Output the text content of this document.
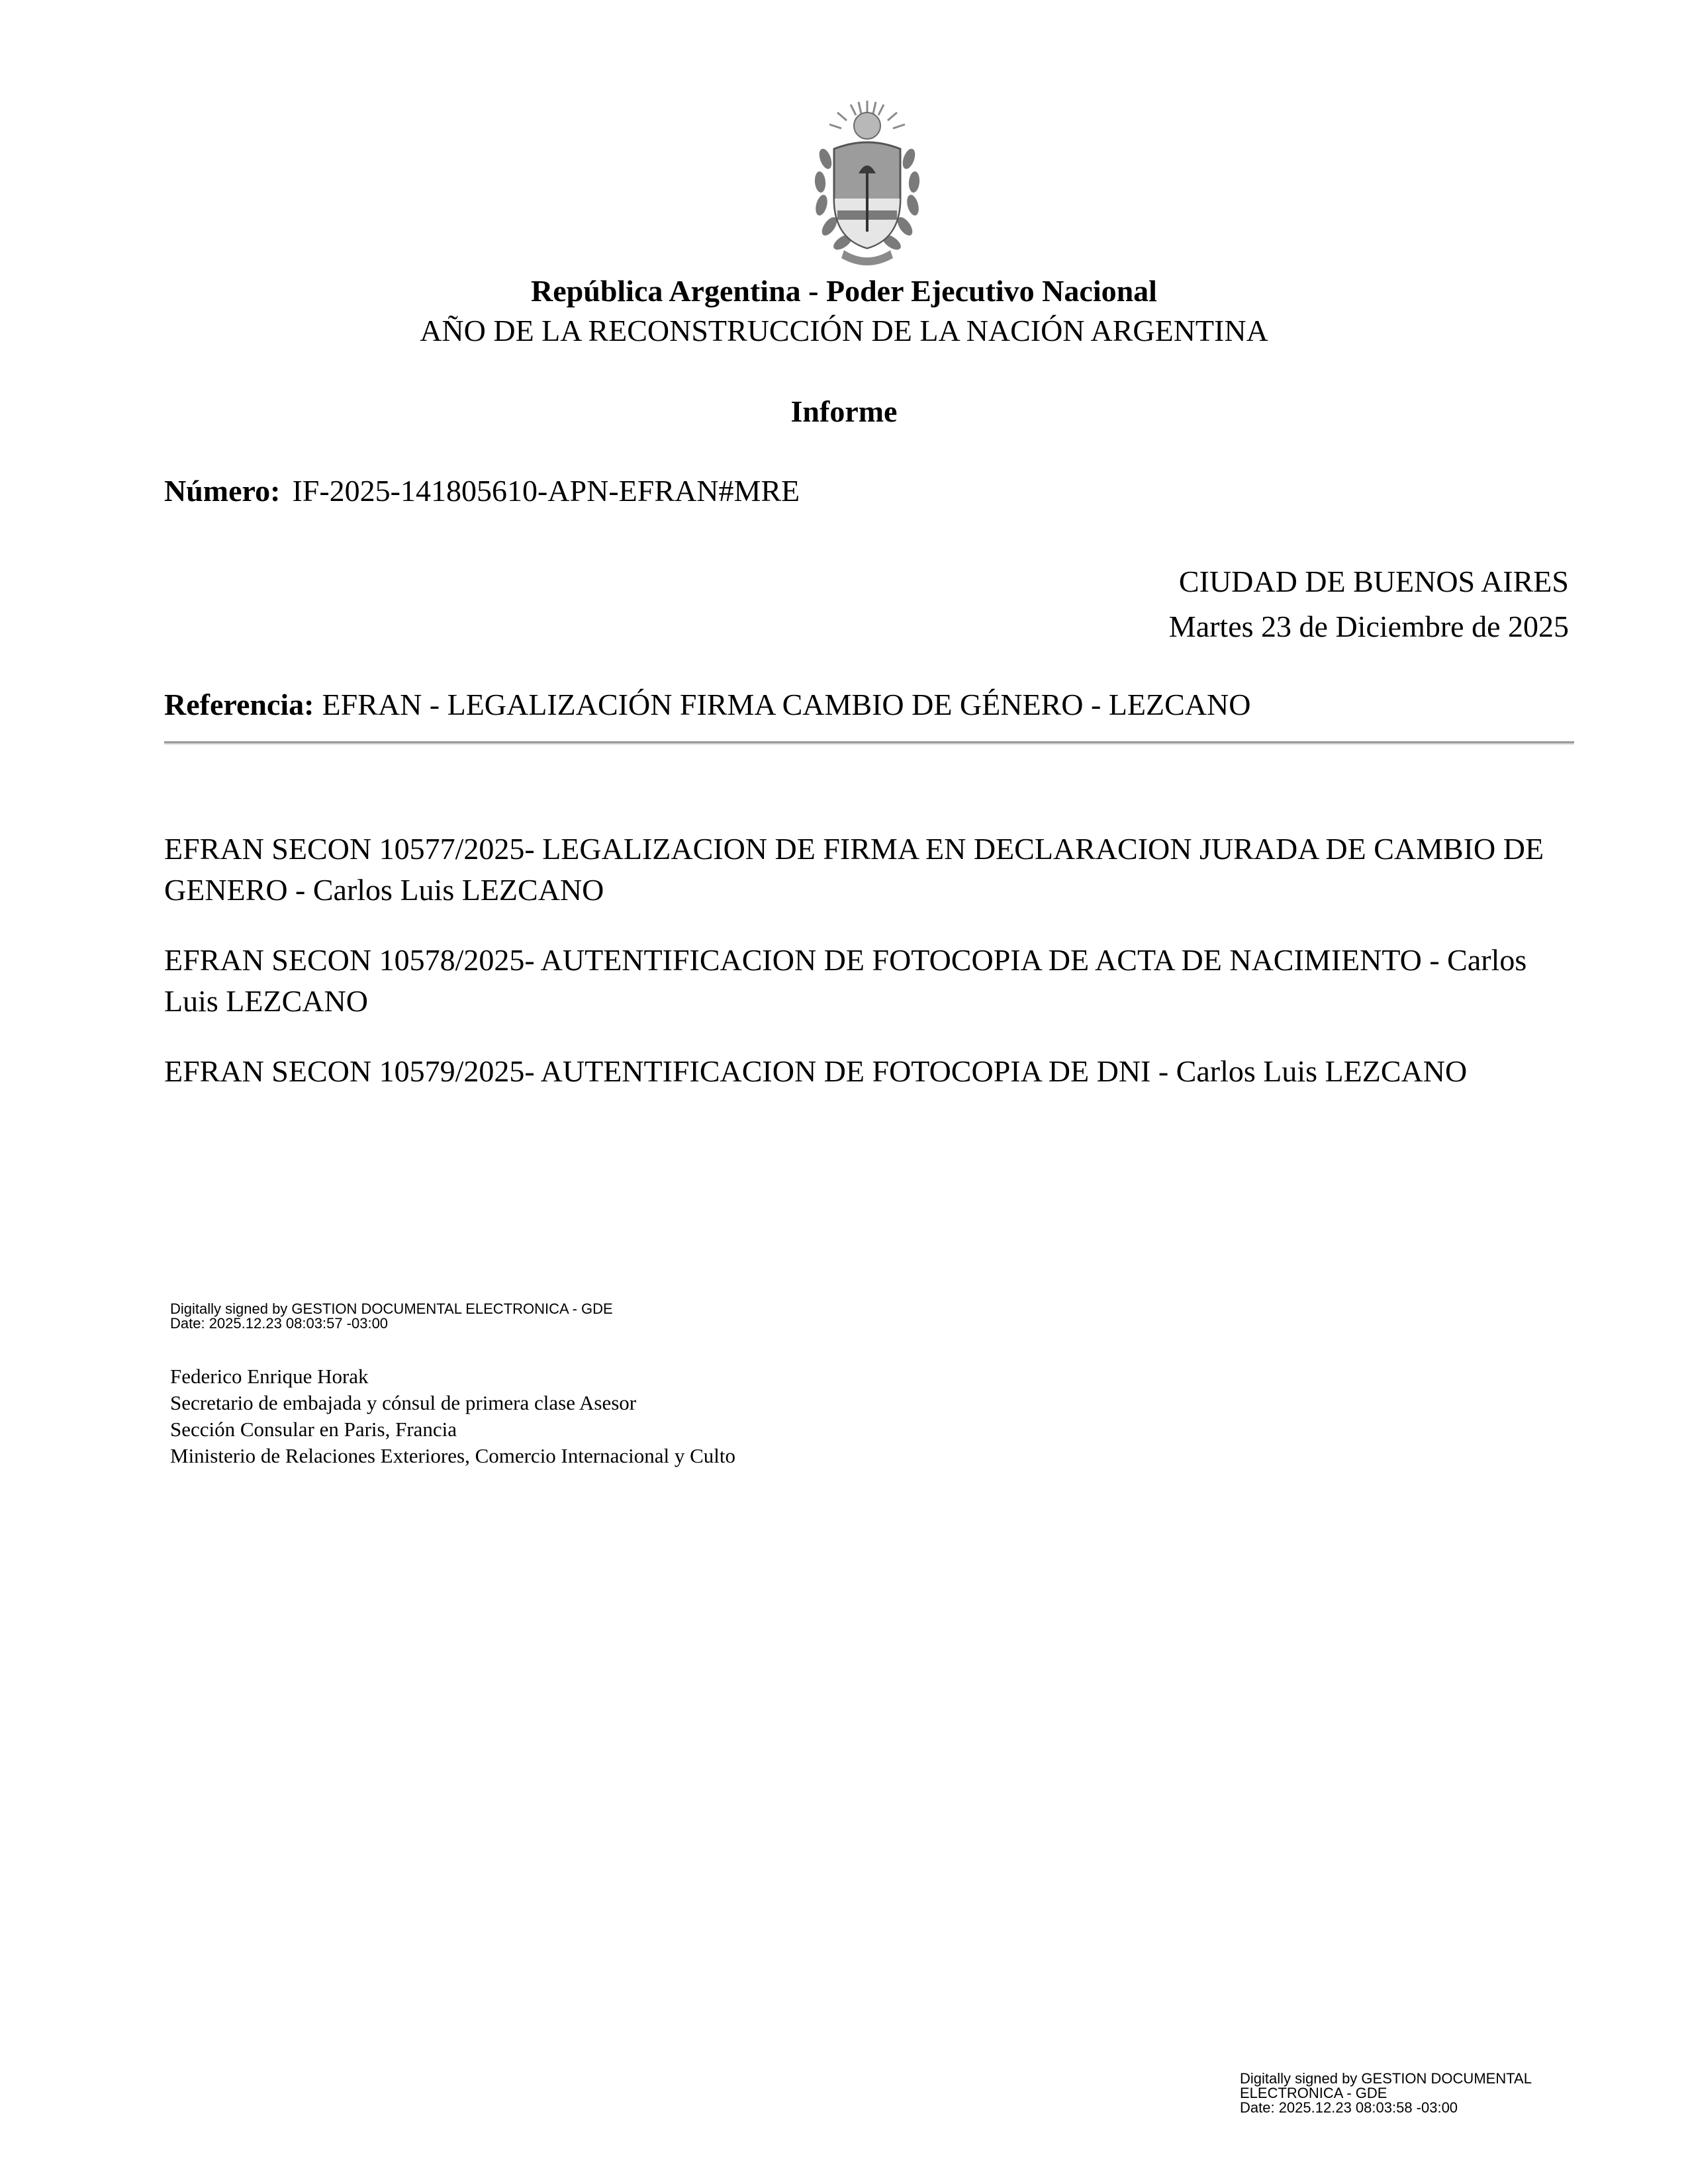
República Argentina - Poder Ejecutivo Nacional
AÑO DE LA RECONSTRUCCIÓN DE LA NACIÓN ARGENTINA
Informe
Número: IF-2025-141805610-APN-EFRAN#MRE
CIUDAD DE BUENOS AIRES
Martes 23 de Diciembre de 2025
Referencia: EFRAN - LEGALIZACIÓN FIRMA CAMBIO DE GÉNERO - LEZCANO

EFRAN SECON 10577/2025- LEGALIZACION DE FIRMA EN DECLARACION JURADA DE CAMBIO DE GENERO - Carlos Luis LEZCANO

EFRAN SECON 10578/2025- AUTENTIFICACION DE FOTOCOPIA DE ACTA DE NACIMIENTO - Carlos Luis LEZCANO

EFRAN SECON 10579/2025- AUTENTIFICACION DE FOTOCOPIA DE DNI - Carlos Luis LEZCANO

Digitally signed by GESTION DOCUMENTAL ELECTRONICA - GDE
Date: 2025.12.23 08:03:57 -03:00
Federico Enrique Horak
Secretario de embajada y cónsul de primera clase Asesor
Sección Consular en Paris, Francia
Ministerio de Relaciones Exteriores, Comercio Internacional y Culto
Digitally signed by GESTION DOCUMENTAL
ELECTRONICA - GDE
Date: 2025.12.23 08:03:58 -03:00
